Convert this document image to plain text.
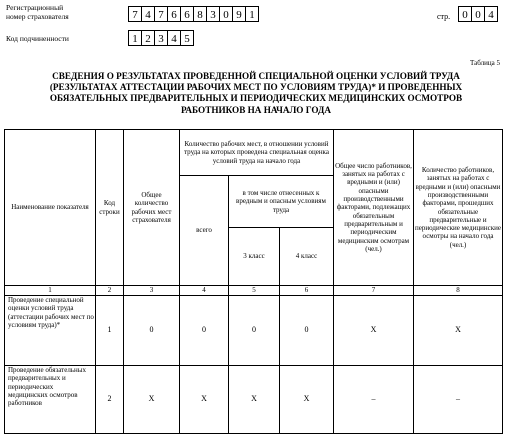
Регистрационный
номер страхователя	7 4 7 6 6 8 3 0 9 1	стр.	0 0 4
Код подчиненности	1 2 3 4 5
Таблица 5
СВЕДЕНИЯ О РЕЗУЛЬТАТАХ ПРОВЕДЕННОЙ СПЕЦИАЛЬНОЙ ОЦЕНКИ УСЛОВИЙ ТРУДА (РЕЗУЛЬТАТАХ АТТЕСТАЦИИ РАБОЧИХ МЕСТ ПО УСЛОВИЯМ ТРУДА)* И ПРОВЕДЕННЫХ ОБЯЗАТЕЛЬНЫХ ПРЕДВАРИТЕЛЬНЫХ И ПЕРИОДИЧЕСКИХ МЕДИЦИНСКИХ ОСМОТРОВ РАБОТНИКОВ НА НАЧАЛО ГОДА
Наименование показателя	Код строки	Общее количество рабочих мест страхователя	Количество рабочих мест, в отношении условий труда на которых проведена специальная оценка условий труда на начало года			Общее число работников, занятых на работах с вредными и (или) опасными производственными факторами, подлежащих обязательным предварительным и периодическим медицинским осмотрам (чел.)	Количество работников, занятых на работах с вредными и (или) опасными производственными факторами, прошедших обязательные предварительные и периодические медицинские осмотры на начало года (чел.)
			всего	в том числе отнесенных к вредным и опасным условиям труда			
				3 класс	4 класс		
1	2	3	4	5	6	7	8
Проведение специальной оценки условий труда (аттестации рабочих мест по условиям труда)*	1	0	0	0	0	X	X
Проведение обязательных предварительных и периодических медицинских осмотров работников	2	X	X	X	X	–	–
